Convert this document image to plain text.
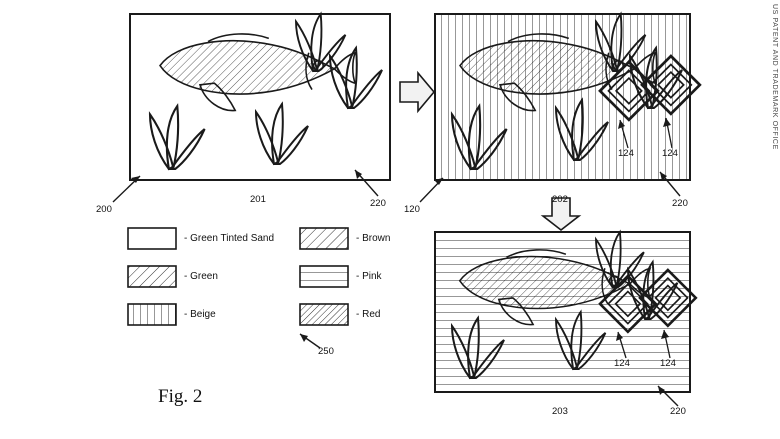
200
201	220
120
202	220
124	124
203	220
124	124
- Green Tinted Sand
- Green
- Beige
- Brown
- Pink
- Red
250
Fig. 2
US PATENT AND TRADEMARK OFFICE
